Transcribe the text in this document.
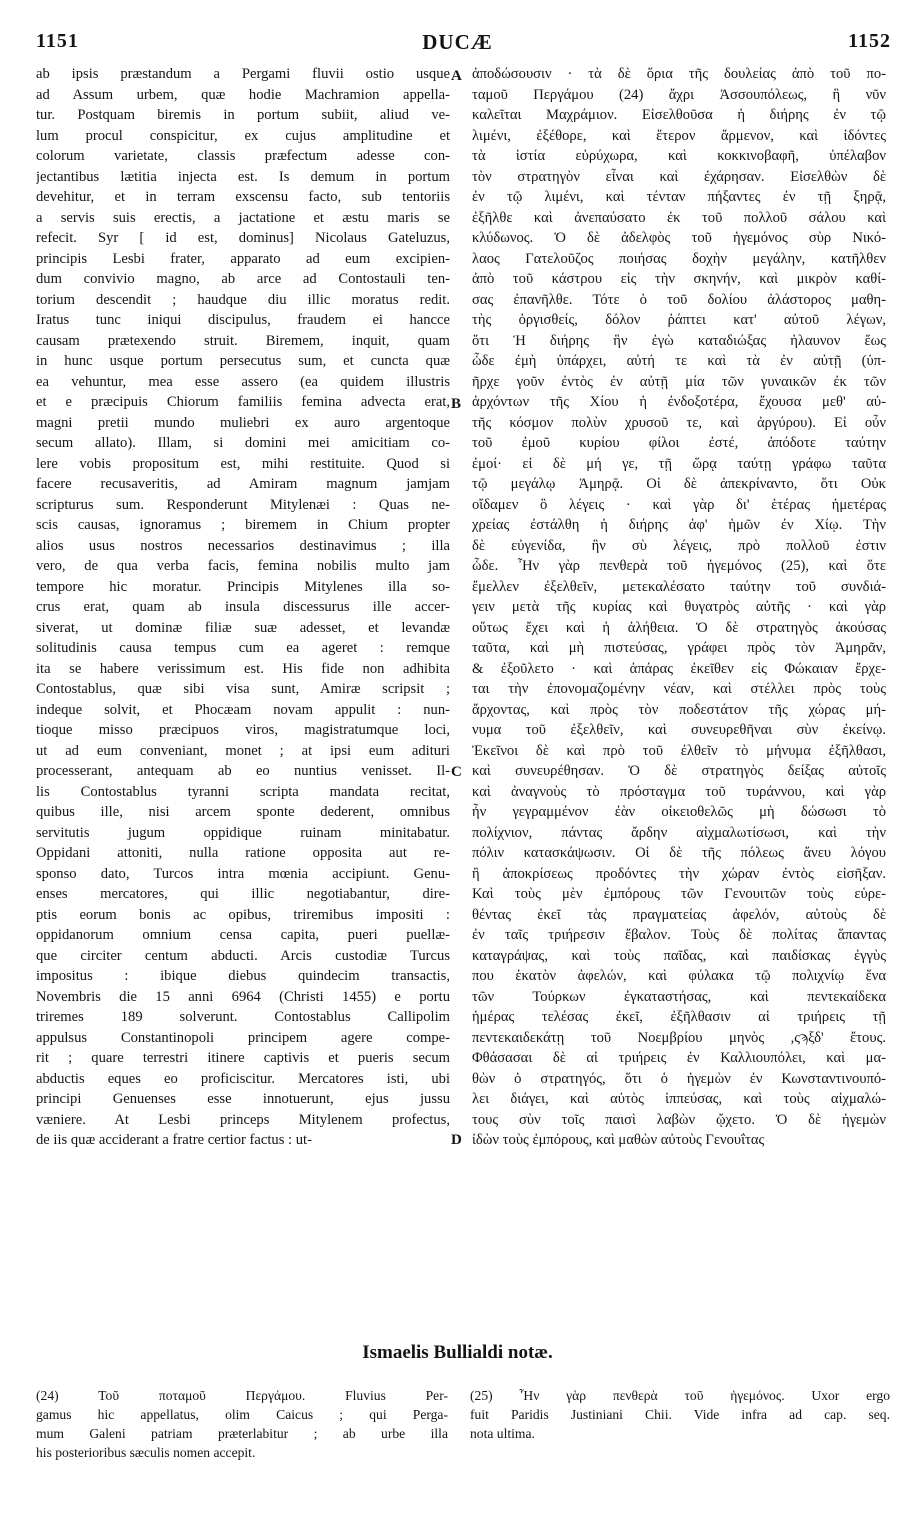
1151	DUCÆ	1152
ab ipsis præstandum a Pergami fluvii ostio usque
ad Assum urbem, quæ hodie Machramion appella-
tur. Postquam biremis in portum subiit, aliud ve-
lum procul conspicitur, ex cujus amplitudine et
colorum varietate, classis præfectum adesse con-
jectantibus lætitia injecta est. Is demum in portum
devehitur, et in terram exscensu facto, sub tentoriis
a servis suis erectis, a jactatione et æstu maris se
refecit. Syr [ id est, dominus] Nicolaus Gateluzus,
principis Lesbi frater, apparato ad eum excipien-
dum convivio magno, ab arce ad Contostauli ten-
torium descendit ; haudque diu illic moratus redit.
Iratus tunc iniqui discipulus, fraudem ei hancce
causam prætexendo struit. Biremem, inquit, quam
in hunc usque portum persecutus sum, et cuncta quæ
ea vehuntur, mea esse assero (ea quidem illustris
et e præcipuis Chiorum familiis femina advecta erat,
magni pretii mundo muliebri ex auro argentoque
secum allato). Illam, si domini mei amicitiam co-
lere vobis propositum est, mihi restituite. Quod si
facere recusaveritis, ad Amiram magnum jamjam
scripturus sum. Responderunt Mitylenæi : Quas ne-
scis causas, ignoramus ; biremem in Chium propter
alios usus nostros necessarios destinavimus ; illa
vero, de qua verba facis, femina nobilis multo jam
tempore hic moratur. Principis Mitylenes illa so-
crus erat, quam ab insula discessurus ille accer-
siverat, ut dominæ filiæ suæ adesset, et levandæ
solitudinis causa tempus cum ea ageret : remque
ita se habere verissimum est. His fide non adhibita
Contostablus, quæ sibi visa sunt, Amiræ scripsit ;
indeque solvit, et Phocæam novam appulit : nun-
tioque misso præcipuos viros, magistratumque loci,
ut ad eum conveniant, monet ; at ipsi eum adituri
processerant, antequam ab eo nuntius venisset. Il-
lis Contostablus tyranni scripta mandata recitat,
quibus ille, nisi arcem sponte dederent, omnibus
servitutis jugum oppidique ruinam minitabatur.
Oppidani attoniti, nulla ratione opposita aut re-
sponso dato, Turcos intra mœnia accipiunt. Genu-
enses mercatores, qui illic negotiabantur, dire-
ptis eorum bonis ac opibus, triremibus impositi :
oppidanorum omnium censa capita, pueri puellæ-
que circiter centum abducti. Arcis custodiæ Turcus
impositus : ibique diebus quindecim transactis,
Novembris die 15 anni 6964 (Christi 1455) e portu
triremes 189 solverunt. Contostablus Callipolim
appulsus Constantinopoli principem agere compe-
rit ; quare terrestri itinere captivis et pueris secum
abductis eques eo proficiscitur. Mercatores isti, ubi
principi Genuenses esse innotuerunt, ejus jussu
væniere. At Lesbi princeps Mitylenem profectus,
de iis quæ acciderant a fratre certior factus : ut-
ἀποδώσουσιν · τὰ δὲ ὅρια τῆς δουλείας ἀπὸ τοῦ πο-
ταμοῦ Περγάμου (24) ἄχρι Ἀσσουπόλεως, ἣ νῦν
καλεῖται Μαχράμιον. Εἰσελθοῦσα ἡ διήρης ἐν τῷ
λιμένι, ἐξέθορε, καὶ ἕτερον ἄρμενον, καὶ ἰδόντες
τὰ ἱστία εὐρύχωρα, καὶ κοκκινοβαφῆ, ὑπέλαβον
τὸν στρατηγὸν εἶναι καὶ ἐχάρησαν. Εἰσελθὼν δὲ
ἐν τῷ λιμένι, καὶ τένταν πήξαντες ἐν τῇ ξηρᾷ,
ἐξῆλθε καὶ ἀνεπαύσατο ἐκ τοῦ πολλοῦ σάλου καὶ
κλύδωνος. Ὁ δὲ ἀδελφὸς τοῦ ἡγεμόνος σὺρ Νικό-
λαος Γατελοῦζος ποιήσας δοχὴν μεγάλην, κατῆλθεν
ἀπὸ τοῦ κάστρου εἰς τὴν σκηνήν, καὶ μικρὸν καθί-
σας ἐπανῆλθε. Τότε ὁ τοῦ δολίου ἀλάστορος μαθη-
τὴς ὀργισθείς, δόλον ῥάπτει κατ' αὐτοῦ λέγων,
ὅτι Ἡ διήρης ἣν ἐγὼ καταδιώξας ἠλαυνον ἕως
ὧδε ἐμὴ ὑπάρχει, αὐτή τε καὶ τὰ ἐν αὐτῇ (ὑπ-
ῆρχε γοῦν ἐντὸς ἐν αὐτῇ μία τῶν γυναικῶν ἐκ τῶν
ἀρχόντων τῆς Χίου ἡ ἐνδοξοτέρα, ἔχουσα μεθ' αὐ-
τῆς κόσμον πολὺν χρυσοῦ τε, καὶ ἀργύρου). Εἰ οὖν
τοῦ ἐμοῦ κυρίου φίλοι ἐστέ, ἀπόδοτε ταύτην
ἐμοί· εἰ δὲ μή γε, τῇ ὥρᾳ ταύτῃ γράφω ταῦτα
τῷ μεγάλῳ Ἀμηρᾷ. Οἱ δὲ ἀπεκρίναντο, ὅτι Οὐκ
οἴδαμεν ὃ λέγεις · καὶ γὰρ δι' ἑτέρας ἡμετέρας
χρείας ἐστάλθη ἡ διήρης ἀφ' ἡμῶν ἐν Χίῳ. Τὴν
δὲ εὐγενίδα, ἣν σὺ λέγεις, πρὸ πολλοῦ ἐστιν
ὧδε. Ἦν γὰρ πενθερὰ τοῦ ἡγεμόνος (25), καὶ ὅτε
ἔμελλεν ἐξελθεῖν, μετεκαλέσατο ταύτην τοῦ συνδιά-
γειν μετὰ τῆς κυρίας καὶ θυγατρὸς αὐτῆς · καὶ γὰρ
οὕτως ἔχει καὶ ἡ ἀλήθεια. Ὁ δὲ στρατηγὸς ἀκούσας
ταῦτα, καὶ μὴ πιστεύσας, γράφει πρὸς τὸν Ἀμηρᾶν,
& ἐξοῦλετο · καὶ ἀπάρας ἐκεῖθεν εἰς Φώκαιαν ἔρχε-
ται τὴν ἐπονομαζομένην νέαν, καὶ στέλλει πρὸς τοὺς
ἄρχοντας, καὶ πρὸς τὸν ποδεστάτον τῆς χώρας μή-
νυμα τοῦ ἐξελθεῖν, καὶ συνευρεθῆναι σὺν ἐκείνῳ.
Ἐκεῖνοι δὲ καὶ πρὸ τοῦ ἐλθεῖν τὸ μήνυμα ἐξῆλθασι,
καὶ συνευρέθησαν. Ὁ δὲ στρατηγὸς δείξας αὐτοῖς
καὶ ἀναγνοὺς τὸ πρόσταγμα τοῦ τυράννου, καὶ γὰρ
ἦν γεγραμμένον ἐὰν οἰκειοθελῶς μὴ δώσωσι τὸ
πολίχνιον, πάντας ἄρδην αἰχμαλωτίσωσι, καὶ τὴν
πόλιν κατασκάψωσιν. Οἱ δὲ τῆς πόλεως ἄνευ λόγου
ἢ ἀποκρίσεως προδόντες τὴν χώραν ἐντὸς εἰσῆξαν.
Καὶ τοὺς μὲν ἐμπόρους τῶν Γενουιτῶν τοὺς εὑρε-
θέντας ἐκεῖ τὰς πραγματείας ἀφελόν, αὐτοὺς δὲ
ἐν ταῖς τριήρεσιν ἔβαλον. Τοὺς δὲ πολίτας ἅπαντας
καταγράψας, καὶ τοὺς παῖδας, καὶ παιδίσκας ἐγγὺς
που ἑκατὸν ἀφελών, καὶ φύλακα τῷ πολιχνίῳ ἕνα
τῶν Τούρκων ἐγκαταστήσας, καὶ πεντεκαίδεκα
ἡμέρας τελέσας ἐκεῖ, ἐξῆλθασιν αἱ τριήρεις τῇ
πεντεκαιδεκάτῃ τοῦ Νοεμβρίου μηνὸς ,ςϡξδ' ἔτους.
Φθάσασαι δὲ αἱ τριήρεις ἐν Καλλιουπόλει, καὶ μα-
θὼν ὁ στρατηγός, ὅτι ὁ ἡγεμὼν ἐν Κωνσταντινουπό-
λει διάγει, καὶ αὐτὸς ἱππεύσας, καὶ τοὺς αἰχμαλώ-
τους σὺν τοῖς παισὶ λαβὼν ᾤχετο. Ὁ δὲ ἡγεμὼν
ἰδὼν τοὺς ἐμπόρους, καὶ μαθὼν αὐτοὺς Γενουΐτας
A
B
C
D
Ismaelis Bullialdi notæ.
(24) Τοῦ ποταμοῦ Περγάμου. Fluvius Per-
gamus hic appellatus, olim Caicus ; qui Perga-
mum Galeni patriam præterlabitur ; ab urbe illa
his posterioribus sæculis nomen accepit.
(25) Ἦν γὰρ πενθερὰ τοῦ ἡγεμόνος. Uxor ergo
fuit Paridis Justiniani Chii. Vide infra ad cap. seq.
nota ultima.
